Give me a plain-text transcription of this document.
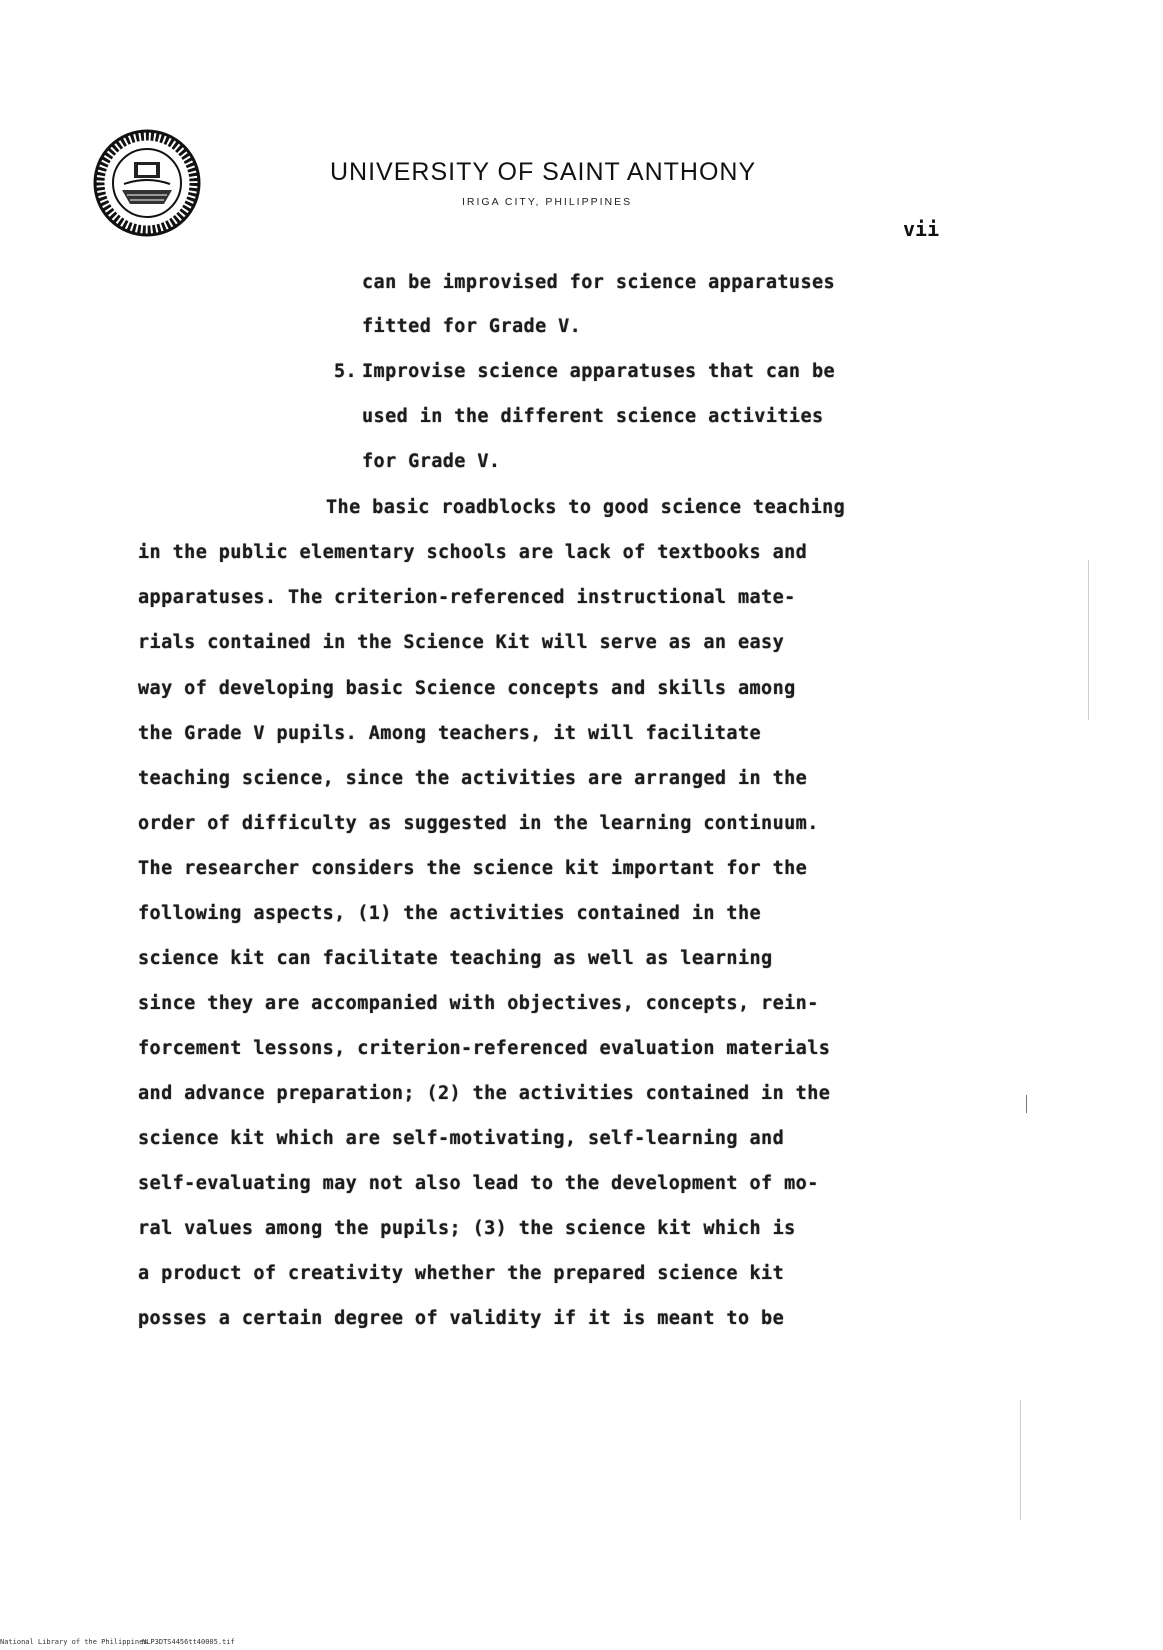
UNIVERSITY OF SAINT ANTHONY
IRIGA CITY, PHILIPPINES
vii
can be improvised for science apparatuses
fitted for Grade V.
5. Improvise science apparatuses that can be
used in the different science activities
for Grade V.
The basic roadblocks to good science teaching
in the public elementary schools are lack of textbooks and
apparatuses. The criterion-referenced instructional mate-
rials contained in the Science Kit will serve as an easy
way of developing basic Science concepts and skills among
the Grade V pupils. Among teachers, it will facilitate
teaching science, since the activities are arranged in the
order of difficulty as suggested in the learning continuum.
The researcher considers the science kit important for the
following aspects, (1) the activities contained in the
science kit can facilitate teaching as well as learning
since they are accompanied with objectives, concepts, rein-
forcement lessons, criterion-referenced evaluation materials
and advance preparation; (2) the activities contained in the
science kit which are self-motivating, self-learning and
self-evaluating may not also lead to the development of mo-
ral values among the pupils; (3) the science kit which is
a product of creativity whether the prepared science kit
posses a certain degree of validity if it is meant to be
National Library of the Philippines
NLP3DTS4456tt40005.tif
